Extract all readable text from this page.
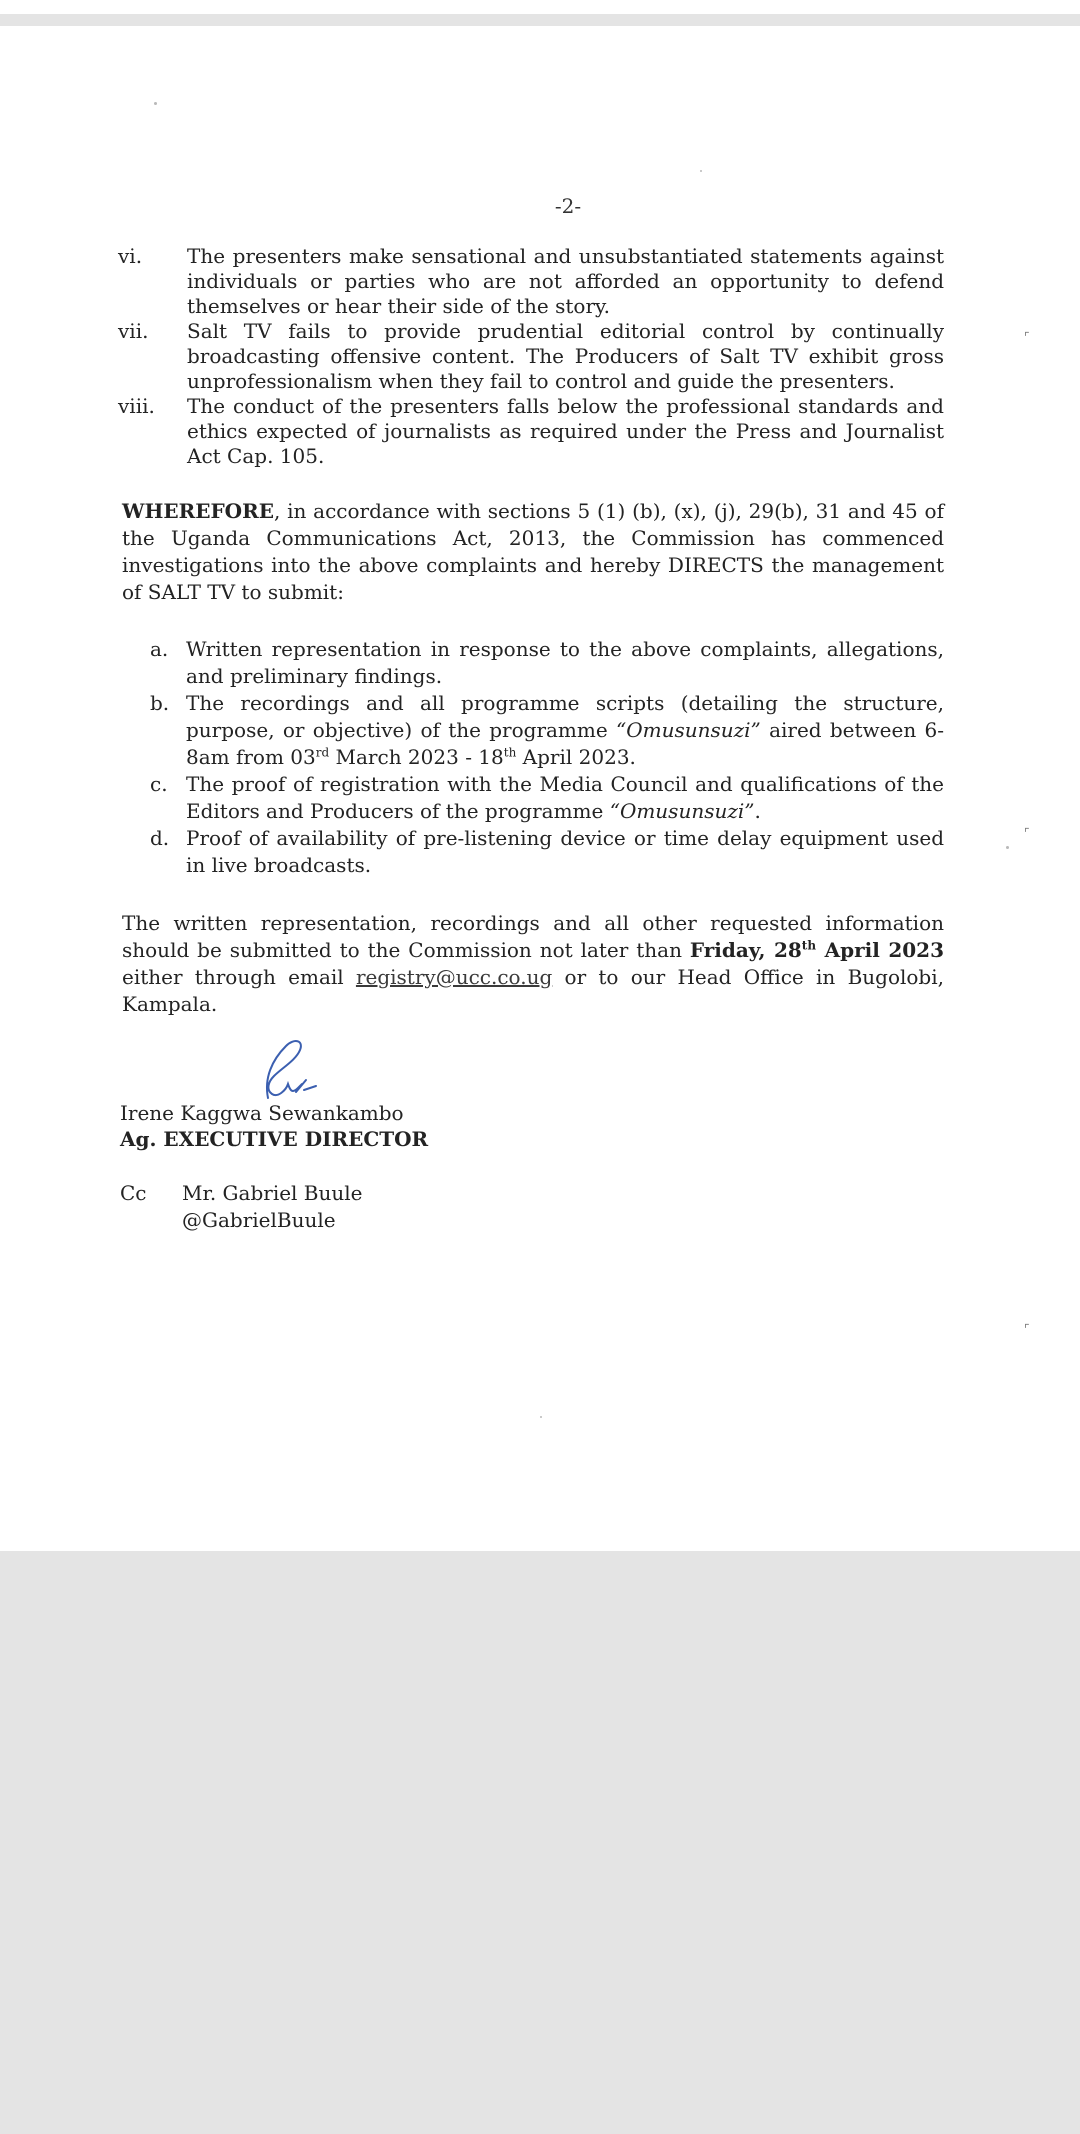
⌜
⌜
⌜
-2-
vi.	The presenters make sensational and unsubstantiated statements against individuals or parties who are not afforded an opportunity to defend themselves or hear their side of the story.
vii.	Salt TV fails to provide prudential editorial control by continually broadcasting offensive content. The Producers of Salt TV exhibit gross unprofessionalism when they fail to control and guide the presenters.
viii.	The conduct of the presenters falls below the professional standards and ethics expected of journalists as required under the Press and Journalist Act Cap. 105.
WHEREFORE, in accordance with sections 5 (1) (b), (x), (j), 29(b), 31 and 45 of the Uganda Communications Act, 2013, the Commission has commenced investigations into the above complaints and hereby DIRECTS the management of SALT TV to submit:
a. Written representation in response to the above complaints, allegations, and preliminary findings.
b. The recordings and all programme scripts (detailing the structure, purpose, or objective) of the programme “Omusunsuzi” aired between 6-8am from 03rd March 2023 - 18th April 2023.
c. The proof of registration with the Media Council and qualifications of the Editors and Producers of the programme “Omusunsuzi”.
d. Proof of availability of pre-listening device or time delay equipment used in live broadcasts.
The written representation, recordings and all other requested information should be submitted to the Commission not later than Friday, 28th April 2023 either through email registry@ucc.co.ug or to our Head Office in Bugolobi, Kampala.
Irene Kaggwa Sewankambo
Ag. EXECUTIVE DIRECTOR
Cc Mr. Gabriel Buule
@GabrielBuule
